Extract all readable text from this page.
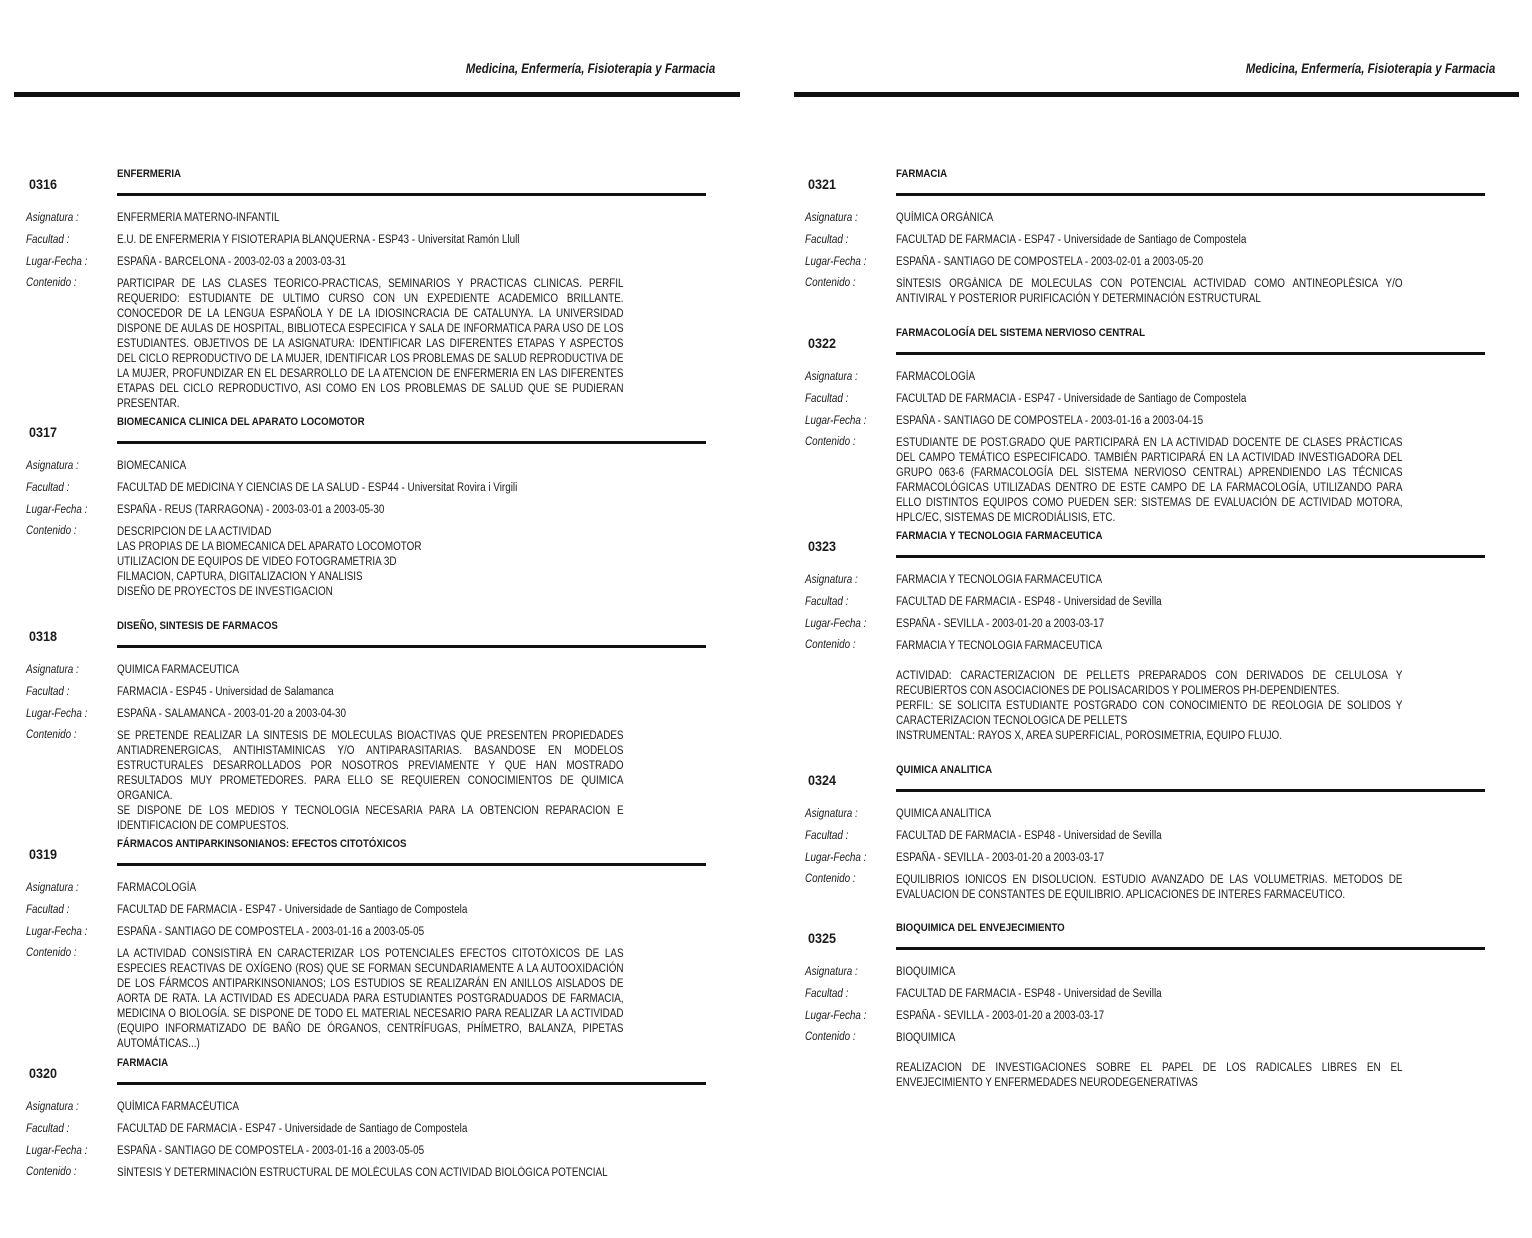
Medicina, Enfermería, Fisioterapia y Farmacia
0316
ENFERMERIA
Asignatura :	ENFERMERIA MATERNO-INFANTIL
Facultad :	E.U. DE ENFERMERIA Y FISIOTERAPIA BLANQUERNA - ESP43 - Universitat Ramón Llull
Lugar-Fecha :	ESPAÑA - BARCELONA - 2003-02-03 a 2003-03-31
Contenido :	PARTICIPAR DE LAS CLASES TEORICO-PRACTICAS, SEMINARIOS Y PRACTICAS CLINICAS. PERFIL REQUERIDO: ESTUDIANTE DE ULTIMO CURSO CON UN EXPEDIENTE ACADEMICO BRILLANTE. CONOCEDOR DE LA LENGUA ESPAÑOLA Y DE LA IDIOSINCRACIA DE CATALUNYA. LA UNIVERSIDAD DISPONE DE AULAS DE HOSPITAL, BIBLIOTECA ESPECIFICA Y SALA DE INFORMATICA PARA USO DE LOS ESTUDIANTES. OBJETIVOS DE LA ASIGNATURA: IDENTIFICAR LAS DIFERENTES ETAPAS Y ASPECTOS DEL CICLO REPRODUCTIVO DE LA MUJER, IDENTIFICAR LOS PROBLEMAS DE SALUD REPRODUCTIVA DE LA MUJER, PROFUNDIZAR EN EL DESARROLLO DE LA ATENCION DE ENFERMERIA EN LAS DIFERENTES ETAPAS DEL CICLO REPRODUCTIVO, ASI COMO EN LOS PROBLEMAS DE SALUD QUE SE PUDIERAN PRESENTAR.

0317
BIOMECANICA CLINICA DEL APARATO LOCOMOTOR
Asignatura :	BIOMECANICA
Facultad :	FACULTAD DE MEDICINA Y CIENCIAS DE LA SALUD - ESP44 - Universitat Rovira i Virgili
Lugar-Fecha :	ESPAÑA - REUS (TARRAGONA) - 2003-03-01 a 2003-05-30
Contenido :	DESCRIPCION DE LA ACTIVIDAD

LAS PROPIAS DE LA BIOMECANICA DEL APARATO LOCOMOTOR

UTILIZACION DE EQUIPOS DE VIDEO FOTOGRAMETRIA 3D

FILMACION, CAPTURA, DIGITALIZACION Y ANALISIS

DISEÑO DE PROYECTOS DE INVESTIGACION

0318
DISEÑO, SINTESIS DE FARMACOS
Asignatura :	QUIMICA FARMACEUTICA
Facultad :	FARMACIA - ESP45 - Universidad de Salamanca
Lugar-Fecha :	ESPAÑA - SALAMANCA - 2003-01-20 a 2003-04-30
Contenido :	SE PRETENDE REALIZAR LA SINTESIS DE MOLECULAS BIOACTIVAS QUE PRESENTEN PROPIEDADES ANTIADRENERGICAS, ANTIHISTAMINICAS Y/O ANTIPARASITARIAS. BASANDOSE EN MODELOS ESTRUCTURALES DESARROLLADOS POR NOSOTROS PREVIAMENTE Y QUE HAN MOSTRADO RESULTADOS MUY PROMETEDORES. PARA ELLO SE REQUIEREN CONOCIMIENTOS DE QUIMICA ORGANICA.

SE DISPONE DE LOS MEDIOS Y TECNOLOGIA NECESARIA PARA LA OBTENCION REPARACION E IDENTIFICACION DE COMPUESTOS.

0319
FÁRMACOS ANTIPARKINSONIANOS: EFECTOS CITOTÓXICOS
Asignatura :	FARMACOLOGÍA
Facultad :	FACULTAD DE FARMACIA - ESP47 - Universidade de Santiago de Compostela
Lugar-Fecha :	ESPAÑA - SANTIAGO DE COMPOSTELA - 2003-01-16 a 2003-05-05
Contenido :	LA ACTIVIDAD CONSISTIRÁ EN CARACTERIZAR LOS POTENCIALES EFECTOS CITOTÓXICOS DE LAS ESPECIES REACTIVAS DE OXÍGENO (ROS) QUE SE FORMAN SECUNDARIAMENTE A LA AUTOOXIDACIÓN DE LOS FÁRMCOS ANTIPARKINSONIANOS; LOS ESTUDIOS SE REALIZARÁN EN ANILLOS AISLADOS DE AORTA DE RATA. LA ACTIVIDAD ES ADECUADA PARA ESTUDIANTES POSTGRADUADOS DE FARMACIA, MEDICINA O BIOLOGÍA. SE DISPONE DE TODO EL MATERIAL NECESARIO PARA REALIZAR LA ACTIVIDAD (EQUIPO INFORMATIZADO DE BAÑO DE ÓRGANOS, CENTRÍFUGAS, PHÍMETRO, BALANZA, PIPETAS AUTOMÁTICAS...)

0320
FARMACIA
Asignatura :	QUÍMICA FARMACÉUTICA
Facultad :	FACULTAD DE FARMACIA - ESP47 - Universidade de Santiago de Compostela
Lugar-Fecha :	ESPAÑA - SANTIAGO DE COMPOSTELA - 2003-01-16 a 2003-05-05
Contenido :	SÍNTESIS Y DETERMINACIÓN ESTRUCTURAL DE MOLÉCULAS CON ACTIVIDAD BIOLÓGICA POTENCIAL

Medicina, Enfermería, Fisioterapia y Farmacia
0321
FARMACIA
Asignatura :	QUÍMICA ORGÁNICA
Facultad :	FACULTAD DE FARMACIA - ESP47 - Universidade de Santiago de Compostela
Lugar-Fecha :	ESPAÑA - SANTIAGO DE COMPOSTELA - 2003-02-01 a 2003-05-20
Contenido :	SÍNTESIS ORGÁNICA DE MOLECULAS CON POTENCIAL ACTIVIDAD COMO ANTINEOPLÉSICA Y/O ANTIVIRAL Y POSTERIOR PURIFICACIÓN Y DETERMINACIÓN ESTRUCTURAL

0322
FARMACOLOGÍA DEL SISTEMA NERVIOSO CENTRAL
Asignatura :	FARMACOLOGÍA
Facultad :	FACULTAD DE FARMACIA - ESP47 - Universidade de Santiago de Compostela
Lugar-Fecha :	ESPAÑA - SANTIAGO DE COMPOSTELA - 2003-01-16 a 2003-04-15
Contenido :	ESTUDIANTE DE POST.GRADO QUE PARTICIPARÁ EN LA ACTIVIDAD DOCENTE DE CLASES PRÁCTICAS DEL CAMPO TEMÁTICO ESPECIFICADO. TAMBIÉN PARTICIPARÁ EN LA ACTIVIDAD INVESTIGADORA DEL GRUPO 063-6 (FARMACOLOGÍA DEL SISTEMA NERVIOSO CENTRAL) APRENDIENDO LAS TÉCNICAS FARMACOLÓGICAS UTILIZADAS DENTRO DE ESTE CAMPO DE LA FARMACOLOGÍA, UTILIZANDO PARA ELLO DISTINTOS EQUIPOS COMO PUEDEN SER: SISTEMAS DE EVALUACIÓN DE ACTIVIDAD MOTORA, HPLC/EC, SISTEMAS DE MICRODIÁLISIS, ETC.

0323
FARMACIA Y TECNOLOGIA FARMACEUTICA
Asignatura :	FARMACIA Y TECNOLOGIA FARMACEUTICA
Facultad :	FACULTAD DE FARMACIA - ESP48 - Universidad de Sevilla
Lugar-Fecha :	ESPAÑA - SEVILLA - 2003-01-20 a 2003-03-17
Contenido :	FARMACIA Y TECNOLOGIA FARMACEUTICA

ACTIVIDAD: CARACTERIZACION DE PELLETS PREPARADOS CON DERIVADOS DE CELULOSA Y RECUBIERTOS CON ASOCIACIONES DE POLISACARIDOS Y POLIMEROS PH-DEPENDIENTES.

PERFIL: SE SOLICITA ESTUDIANTE POSTGRADO CON CONOCIMIENTO DE REOLOGIA DE SOLIDOS Y CARACTERIZACION TECNOLOGICA DE PELLETS

INSTRUMENTAL: RAYOS X, AREA SUPERFICIAL, POROSIMETRIA, EQUIPO FLUJO.

0324
QUIMICA ANALITICA
Asignatura :	QUIMICA ANALITICA
Facultad :	FACULTAD DE FARMACIA - ESP48 - Universidad de Sevilla
Lugar-Fecha :	ESPAÑA - SEVILLA - 2003-01-20 a 2003-03-17
Contenido :	EQUILIBRIOS IONICOS EN DISOLUCION. ESTUDIO AVANZADO DE LAS VOLUMETRIAS. METODOS DE EVALUACION DE CONSTANTES DE EQUILIBRIO. APLICACIONES DE INTERES FARMACEUTICO.

0325
BIOQUIMICA DEL ENVEJECIMIENTO
Asignatura :	BIOQUIMICA
Facultad :	FACULTAD DE FARMACIA - ESP48 - Universidad de Sevilla
Lugar-Fecha :	ESPAÑA - SEVILLA - 2003-01-20 a 2003-03-17
Contenido :	BIOQUIMICA

REALIZACION DE INVESTIGACIONES SOBRE EL PAPEL DE LOS RADICALES LIBRES EN EL ENVEJECIMIENTO Y ENFERMEDADES NEURODEGENERATIVAS
